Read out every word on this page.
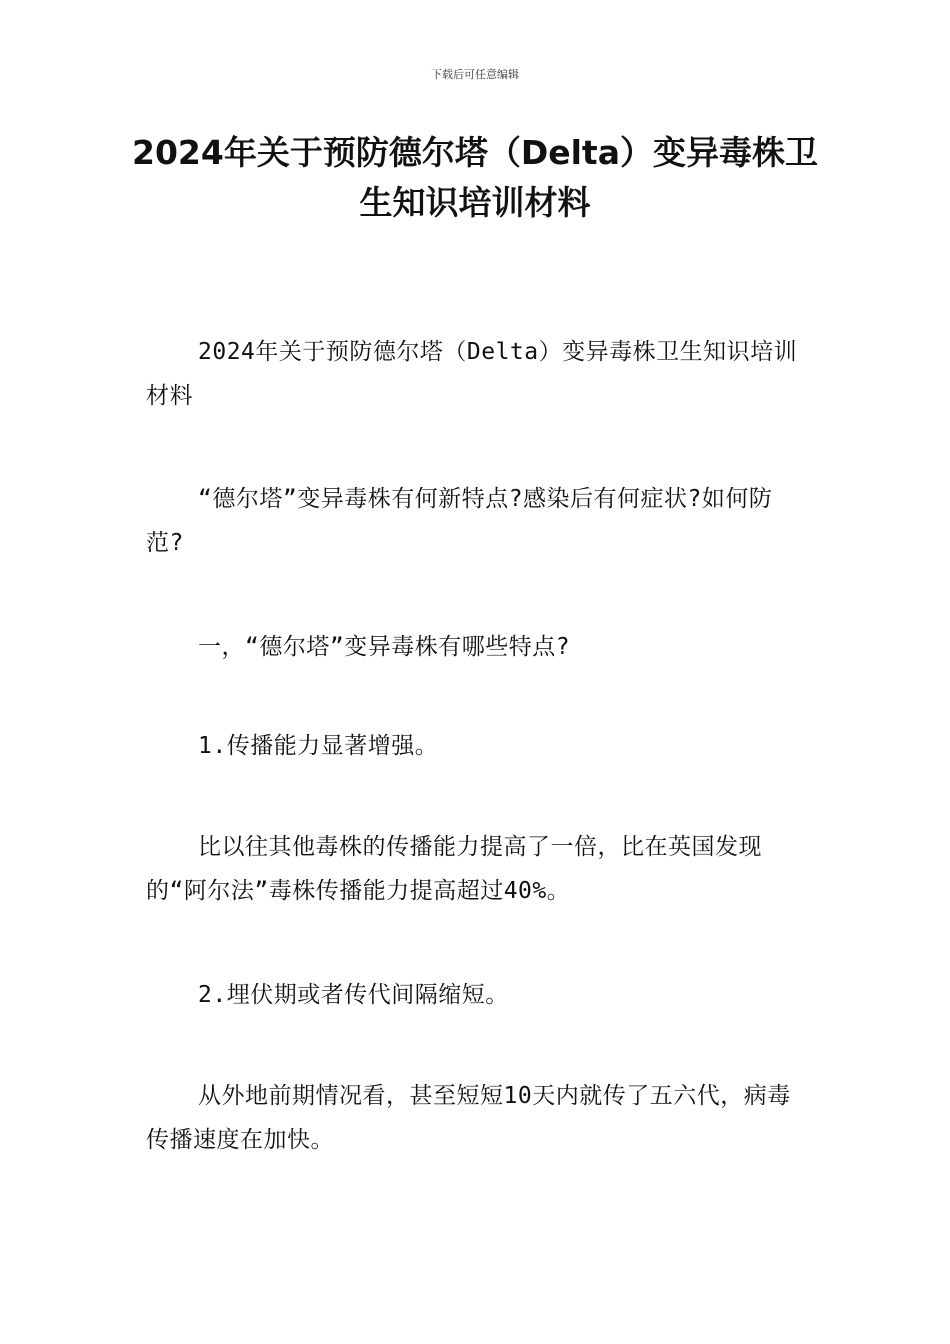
下载后可任意编辑
2024年关于预防德尔塔（Delta）变异毒株卫生知识培训材料

2024年关于预防德尔塔（Delta）变异毒株卫生知识培训材料

“德尔塔”变异毒株有何新特点?感染后有何症状?如何防范?

一，“德尔塔”变异毒株有哪些特点?

1.传播能力显著增强。

比以往其他毒株的传播能力提高了一倍，比在英国发现的“阿尔法”毒株传播能力提高超过40%。

2.埋伏期或者传代间隔缩短。

从外地前期情况看，甚至短短10天内就传了五六代，病毒传播速度在加快。
